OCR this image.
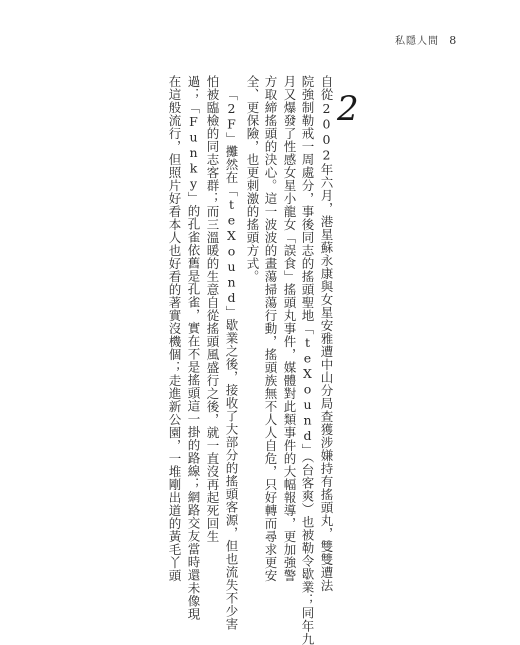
私隱人間 8
2
自從2002年六月，港星蘇永康與女星安雅遭中山分局查獲涉嫌持有搖頭丸，雙雙遭法
院強制勒戒一周處分，事後同志的搖頭聖地「teXound」（台客爽）也被勒令歇業；同年九
月又爆發了性感女星小龍女「誤食」搖頭丸事件，媒體對此類事件的大幅報導，更加強警
方取締搖頭的決心。這一波波的畫蕩掃蕩行動，搖頭族無不人人自危，只好轉而尋求更安
全、更保險，也更刺激的搖頭方式。
「2F」攤然在「teXound」歇業之後，接收了大部分的搖頭客源，但也流失不少害
怕被臨檢的同志客群；而三溫暖的生意自從搖頭風盛行之後，就一直沒再起死回生
過；「Funky」的孔雀依舊是孔雀，實在不是搖頭這一掛的路線；網路交友當時還未像現
在這般流行，但照片好看本人也好看的著實沒機個；走進新公園，一堆剛出道的黃毛丫頭
